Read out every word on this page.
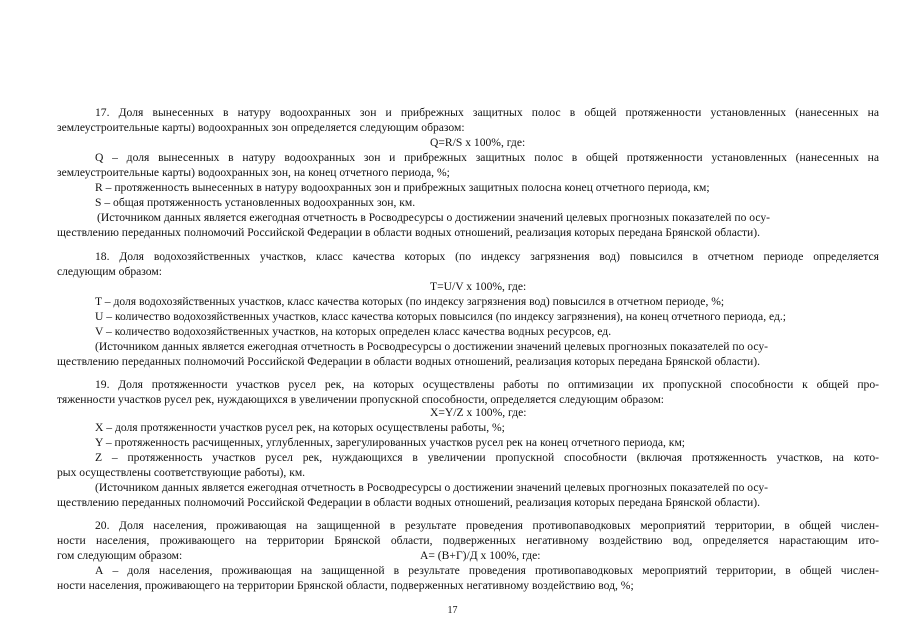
17. Доля вынесенных в натуру водоохранных зон и прибрежных защитных полос в общей протяженности установленных (нанесенных на
землеустроительные карты) водоохранных зон определяется следующим образом:
Q=R/S х 100%, где:
Q – доля вынесенных в натуру водоохранных зон и прибрежных защитных полос в общей протяженности установленных (нанесенных на
землеустроительные карты) водоохранных зон, на конец отчетного периода, %;
R – протяженность вынесенных в натуру водоохранных зон и прибрежных защитных полосна конец отчетного периода, км;
S – общая протяженность установленных водоохранных зон, км.
(Источником данных является ежегодная отчетность в Росводресурсы о достижении значений целевых прогнозных показателей по осу-
ществлению переданных полномочий Российской Федерации в области водных отношений, реализация которых передана Брянской области).
18. Доля водохозяйственных участков, класс качества которых (по индексу загрязнения вод) повысился в отчетном периоде определяется
следующим образом:
T=U/V х 100%, где:
T – доля водохозяйственных участков, класс качества которых (по индексу загрязнения вод) повысился в отчетном периоде, %;
U – количество водохозяйственных участков, класс качества которых повысился (по индексу загрязнения), на конец отчетного периода, ед.;
V – количество водохозяйственных участков, на которых определен класс качества водных ресурсов, ед.
(Источником данных является ежегодная отчетность в Росводресурсы о достижении значений целевых прогнозных показателей по осу-
ществлению переданных полномочий Российской Федерации в области водных отношений, реализация которых передана Брянской области).
19. Доля протяженности участков русел рек, на которых осуществлены работы по оптимизации их пропускной способности к общей про-
тяженности участков русел рек, нуждающихся в увеличении пропускной способности, определяется следующим образом:
X=Y/Z х 100%, где:
X – доля протяженности участков русел рек, на которых осуществлены работы, %;
Y – протяженность расчищенных, углубленных, зарегулированных участков русел рек на конец отчетного периода, км;
Z – протяженность участков русел рек, нуждающихся в увеличении пропускной способности (включая протяженность участков, на кото-
рых осуществлены соответствующие работы), км.
(Источником данных является ежегодная отчетность в Росводресурсы о достижении значений целевых прогнозных показателей по осу-
ществлению переданных полномочий Российской Федерации в области водных отношений, реализация которых передана Брянской области).
20. Доля населения, проживающая на защищенной в результате проведения противопаводковых мероприятий территории, в общей числен-
ности населения, проживающего на территории Брянской области, подверженных негативному воздействию вод, определяется нарастающим ито-
гом следующим образом:	А= (В+Г)/Д х 100%, где:
А – доля населения, проживающая на защищенной в результате проведения противопаводковых мероприятий территории, в общей числен-
ности населения, проживающего на территории Брянской области, подверженных негативному воздействию вод, %;
17
